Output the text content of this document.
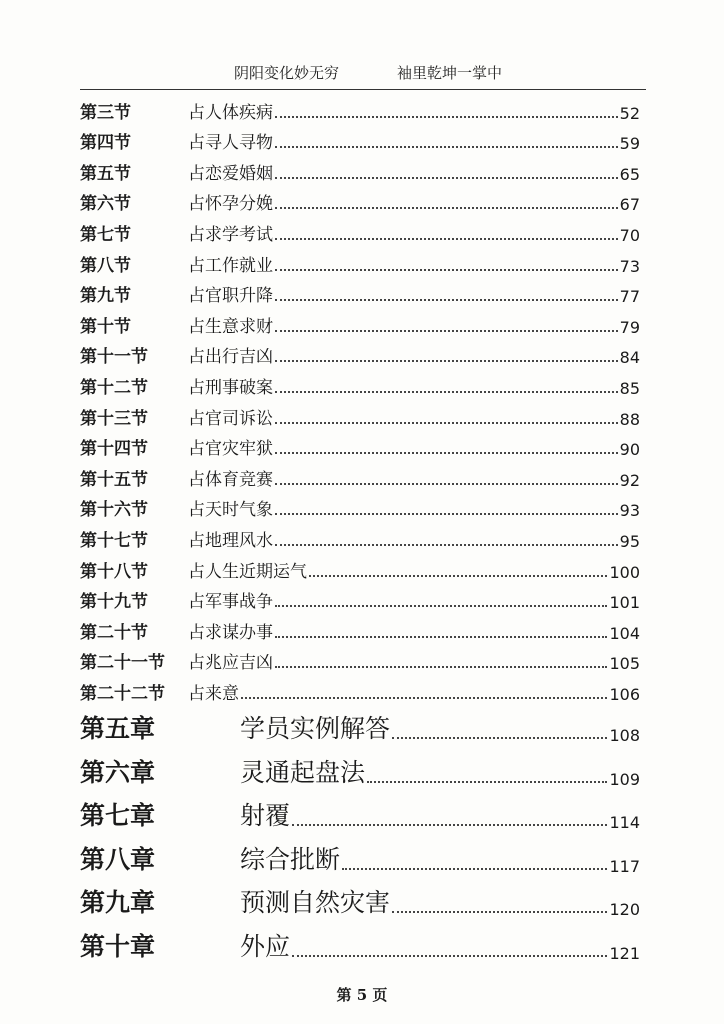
阴阳变化妙无穷	袖里乾坤一掌中
第三节	占人体疾病	52
第四节	占寻人寻物	59
第五节	占恋爱婚姻	65
第六节	占怀孕分娩	67
第七节	占求学考试	70
第八节	占工作就业	73
第九节	占官职升降	77
第十节	占生意求财	79
第十一节 占出行吉凶	84
第十二节 占刑事破案	85
第十三节 占官司诉讼	88
第十四节 占官灾牢狱	90
第十五节 占体育竞赛	92
第十六节 占天时气象	93
第十七节 占地理风水	95
第十八节 占人生近期运气	100
第十九节 占军事战争	101
第二十节 占求谋办事	104
第二十一节 占兆应吉凶	105
第二十二节 占来意	106
第五章	学员实例解答	108
第六章	灵通起盘法	109
第七章	射覆	114
第八章	综合批断	117
第九章	预测自然灾害	120
第十章	外应	121
第 5 页
